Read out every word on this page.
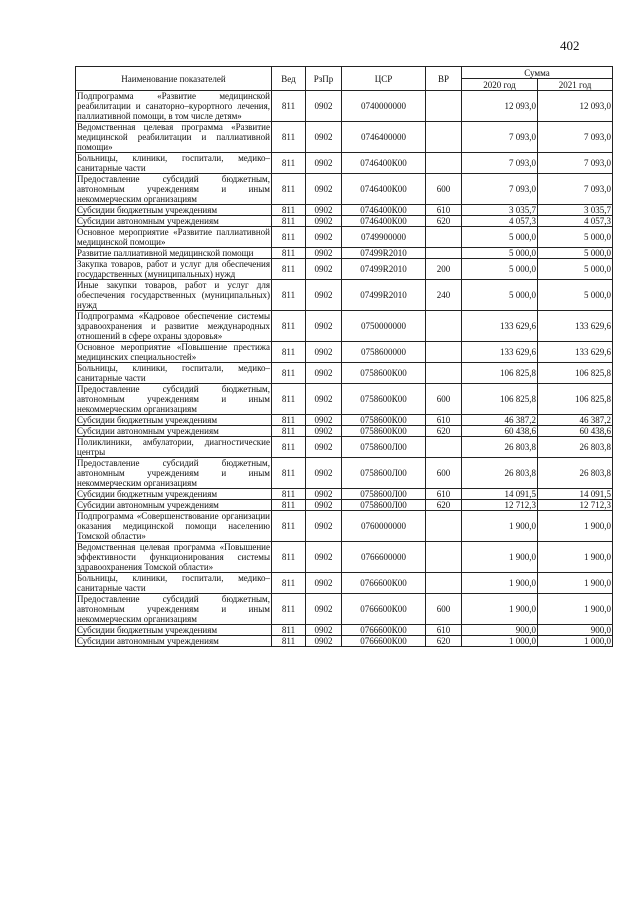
402
Наименование показателей	Вед	РзПр	ЦСР	ВР	Сумма	
					2020 год	2021 год
Подпрограмма «Развитие медицинской реабилитации и санаторно–курортного лечения, паллиативной помощи, в том числе детям»	811	0902	0740000000		12 093,0	12 093,0
Ведомственная целевая программа «Развитие медицинской реабилитации и паллиативной помощи»	811	0902	0746400000		7 093,0	7 093,0
Больницы, клиники, госпитали, медико–санитарные части	811	0902	0746400К00		7 093,0	7 093,0
Предоставление субсидий бюджетным, автономным учреждениям и иным некоммерческим организациям	811	0902	0746400К00	600	7 093,0	7 093,0
Субсидии бюджетным учреждениям	811	0902	0746400К00	610	3 035,7	3 035,7
Субсидии автономным учреждениям	811	0902	0746400К00	620	4 057,3	4 057,3
Основное мероприятие «Развитие паллиативной медицинской помощи»	811	0902	0749900000		5 000,0	5 000,0
Развитие паллиативной медицинской помощи	811	0902	07499R2010		5 000,0	5 000,0
Закупка товаров, работ и услуг для обеспечения государственных (муниципальных) нужд	811	0902	07499R2010	200	5 000,0	5 000,0
Иные закупки товаров, работ и услуг для обеспечения государственных (муниципальных) нужд	811	0902	07499R2010	240	5 000,0	5 000,0
Подпрограмма «Кадровое обеспечение системы здравоохранения и развитие международных отношений в сфере охраны здоровья»	811	0902	0750000000		133 629,6	133 629,6
Основное мероприятие «Повышение престижа медицинских специальностей»	811	0902	0758600000		133 629,6	133 629,6
Больницы, клиники, госпитали, медико–санитарные части	811	0902	0758600К00		106 825,8	106 825,8
Предоставление субсидий бюджетным, автономным учреждениям и иным некоммерческим организациям	811	0902	0758600К00	600	106 825,8	106 825,8
Субсидии бюджетным учреждениям	811	0902	0758600К00	610	46 387,2	46 387,2
Субсидии автономным учреждениям	811	0902	0758600К00	620	60 438,6	60 438,6
Поликлиники, амбулатории, диагностические центры	811	0902	0758600Л00		26 803,8	26 803,8
Предоставление субсидий бюджетным, автономным учреждениям и иным некоммерческим организациям	811	0902	0758600Л00	600	26 803,8	26 803,8
Субсидии бюджетным учреждениям	811	0902	0758600Л00	610	14 091,5	14 091,5
Субсидии автономным учреждениям	811	0902	0758600Л00	620	12 712,3	12 712,3
Подпрограмма «Совершенствование организации оказания медицинской помощи населению Томской области»	811	0902	0760000000		1 900,0	1 900,0
Ведомственная целевая программа «Повышение эффективности функционирования системы здравоохранения Томской области»	811	0902	0766600000		1 900,0	1 900,0
Больницы, клиники, госпитали, медико–санитарные части	811	0902	0766600К00		1 900,0	1 900,0
Предоставление субсидий бюджетным, автономным учреждениям и иным некоммерческим организациям	811	0902	0766600К00	600	1 900,0	1 900,0
Субсидии бюджетным учреждениям	811	0902	0766600К00	610	900,0	900,0
Субсидии автономным учреждениям	811	0902	0766600К00	620	1 000,0	1 000,0
